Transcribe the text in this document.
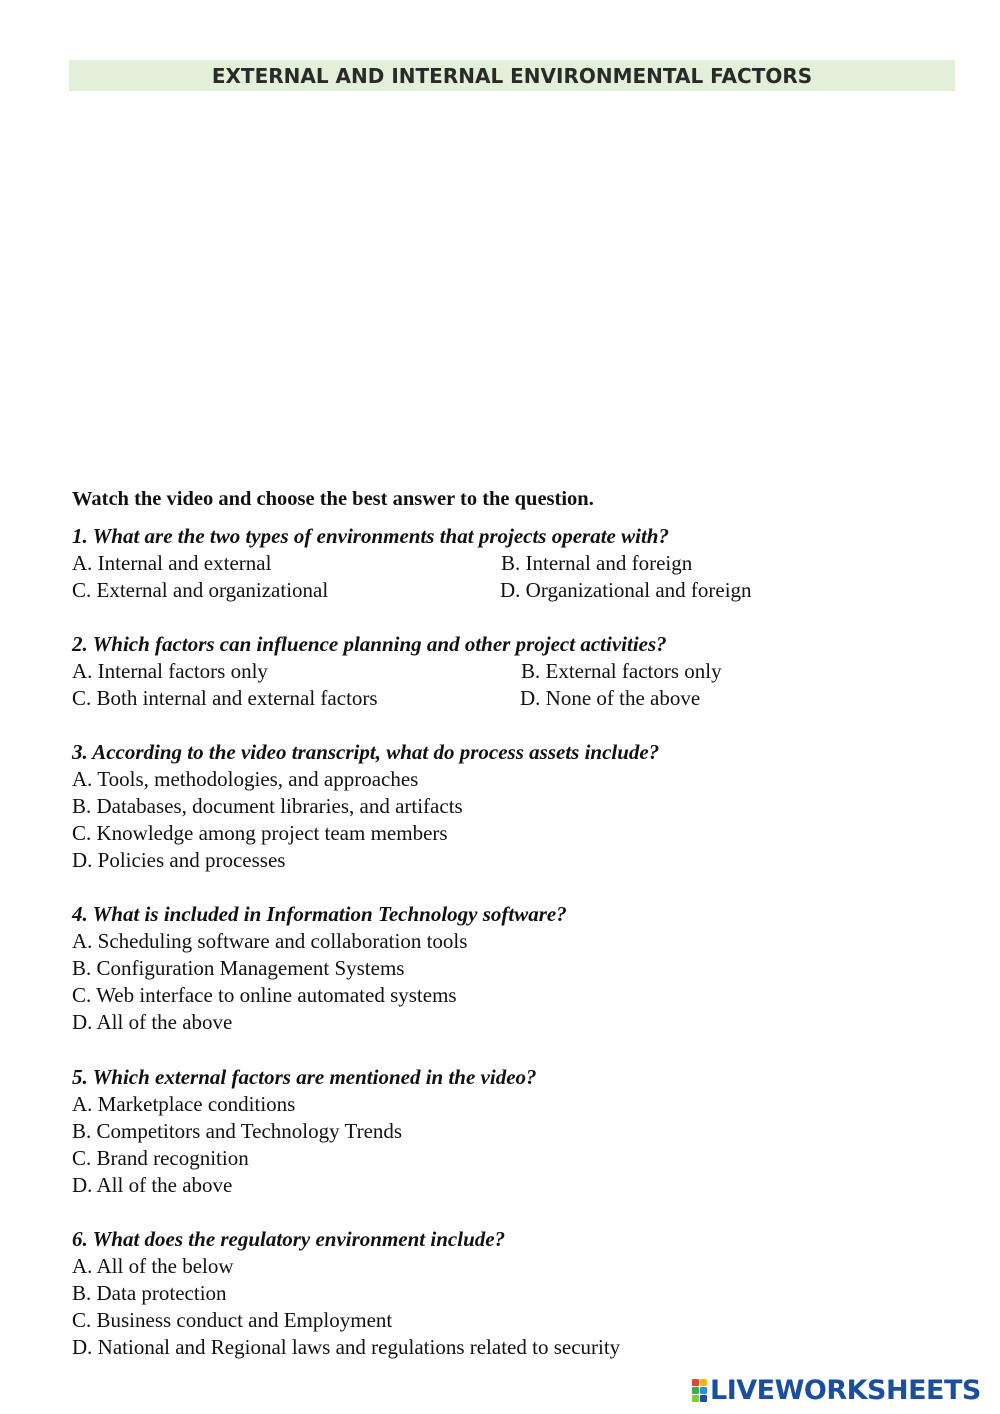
EXTERNAL AND INTERNAL ENVIRONMENTAL FACTORS
Watch the video and choose the best answer to the question.
1. What are the two types of environments that projects operate with?
A. Internal and external	B. Internal and foreign
C. External and organizational	D. Organizational and foreign
2. Which factors can influence planning and other project activities?
A. Internal factors only	B. External factors only
C. Both internal and external factors	D. None of the above
3. According to the video transcript, what do process assets include?
A. Tools, methodologies, and approaches
B. Databases, document libraries, and artifacts
C. Knowledge among project team members
D. Policies and processes
4. What is included in Information Technology software?
A. Scheduling software and collaboration tools
B. Configuration Management Systems
C. Web interface to online automated systems
D. All of the above
5. Which external factors are mentioned in the video?
A. Marketplace conditions
B. Competitors and Technology Trends
C. Brand recognition
D. All of the above
6. What does the regulatory environment include?
A. All of the below
B. Data protection
C. Business conduct and Employment
D. National and Regional laws and regulations related to security
LIVEWORKSHEETS
